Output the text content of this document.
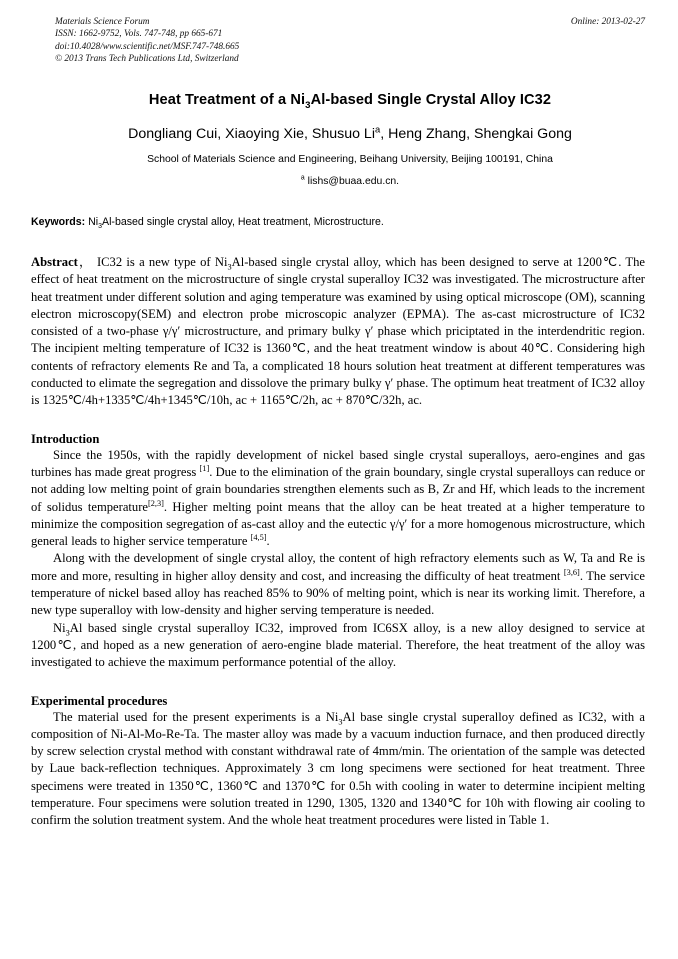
Materials Science Forum
ISSN: 1662-9752, Vols. 747-748, pp 665-671
doi:10.4028/www.scientific.net/MSF.747-748.665
© 2013 Trans Tech Publications Ltd, Switzerland
Online: 2013-02-27
Heat Treatment of a $Ni_3Al$-based Single Crystal Alloy IC32
Dongliang Cui, Xiaoying Xie, Shusuo Li$^a$, Heng Zhang, Shengkai Gong
School of Materials Science and Engineering, Beihang University, Beijing 100191, China
$^a$ lishs@buaa.edu.cn.
Keywords: $Ni_3Al$-based single crystal alloy, Heat treatment, Microstructure.

Abstract， IC32 is a new type of $Ni_3Al$-based single crystal alloy, which has been designed to serve at 1200℃. The effect of heat treatment on the microstructure of single crystal superalloy IC32 was investigated. The microstructure after heat treatment under different solution and aging temperature was examined by using optical microscope (OM), scanning electron microscopy(SEM) and electron probe microscopic analyzer (EPMA). The as-cast microstructure of IC32 consisted of a two-phase γ/γ′ microstructure, and primary bulky γ′ phase which priciptated in the interdendritic region. The incipient melting temperature of IC32 is 1360℃, and the heat treatment window is about 40℃. Considering high contents of refractory elements Re and Ta, a complicated 18 hours solution heat treatment at different temperatures was conducted to elimate the segregation and dissolove the primary bulky γ′ phase. The optimum heat treatment of IC32 alloy is 1325℃/4h+1335℃/4h+1345℃/10h, ac + 1165℃/2h, ac + 870℃/32h, ac.

Introduction

Since the 1950s, with the rapidly development of nickel based single crystal superalloys, aero-engines and gas turbines has made great progress [1]. Due to the elimination of the grain boundary, single crystal superalloys can reduce or not adding low melting point of grain boundaries strengthen elements such as B, Zr and Hf, which leads to the increment of solidus temperature[2,3]. Higher melting point means that the alloy can be heat treated at a higher temperature to minimize the composition segregation of as-cast alloy and the eutectic γ/γ′ for a more homogenous microstructure, which general leads to higher service temperature [4,5].

Along with the development of single crystal alloy, the content of high refractory elements such as W, Ta and Re is more and more, resulting in higher alloy density and cost, and increasing the difficulty of heat treatment [3,6]. The service temperature of nickel based alloy has reached 85% to 90% of melting point, which is near its working limit. Therefore, a new type superalloy with low-density and higher serving temperature is needed.

$Ni_3Al$ based single crystal superalloy IC32, improved from IC6SX alloy, is a new alloy designed to service at 1200℃, and hoped as a new generation of aero-engine blade material. Therefore, the heat treatment of the alloy was investigated to achieve the maximum performance potential of the alloy.

Experimental procedures

The material used for the present experiments is a $Ni_3Al$ base single crystal superalloy defined as IC32, with a composition of Ni-Al-Mo-Re-Ta. The master alloy was made by a vacuum induction furnace, and then produced directly by screw selection crystal method with constant withdrawal rate of 4mm/min. The orientation of the sample was detected by Laue back-reflection techniques. Approximately 3 cm long specimens were sectioned for heat treatment. Three specimens were treated in 1350℃, 1360℃ and 1370℃ for 0.5h with cooling in water to determine incipient melting temperature. Four specimens were solution treated in 1290, 1305, 1320 and 1340℃ for 10h with flowing air cooling to confirm the solution treatment system. And the whole heat treatment procedures were listed in Table 1.
